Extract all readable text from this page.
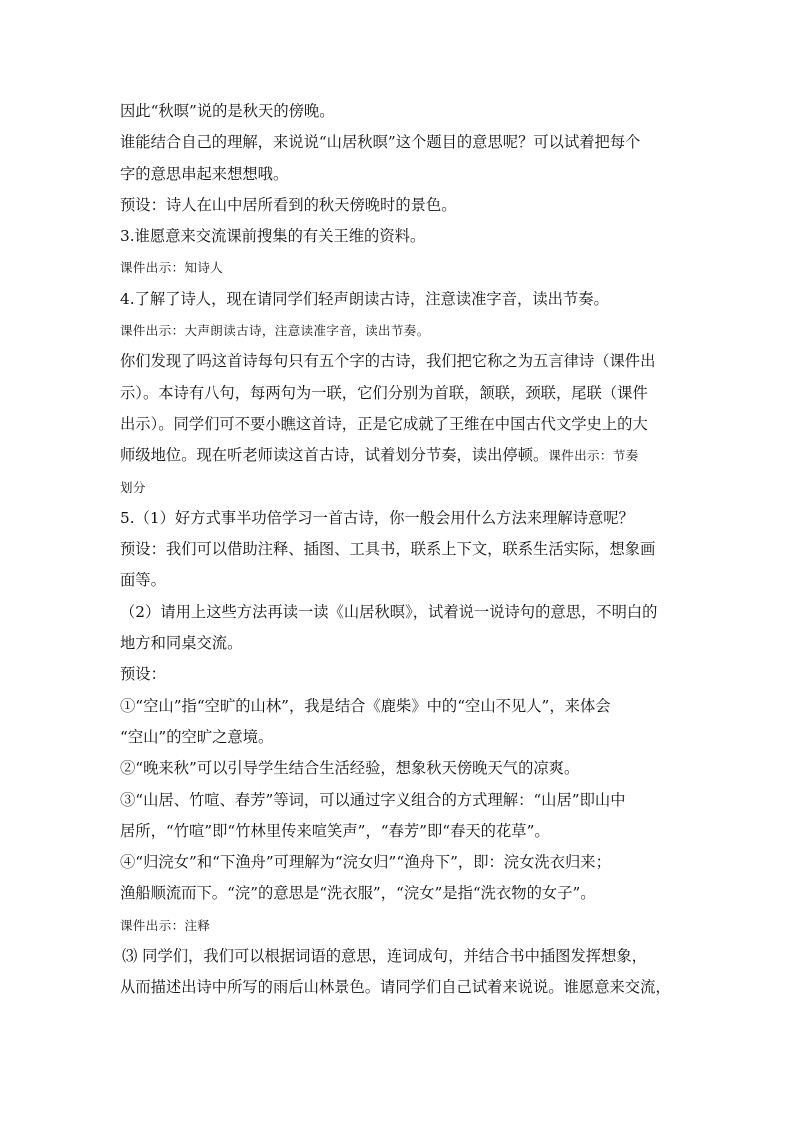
因此“秋暝”说的是秋天的傍晚。
谁能结合自己的理解，来说说“山居秋暝”这个题目的意思呢？可以试着把每个
字的意思串起来想想哦。
预设：诗人在山中居所看到的秋天傍晚时的景色。
3.谁愿意来交流课前搜集的有关王维的资料。
课件出示：知诗人
4.了解了诗人，现在请同学们轻声朗读古诗，注意读准字音，读出节奏。
课件出示：大声朗读古诗，注意读准字音，读出节奏。
你们发现了吗这首诗每句只有五个字的古诗，我们把它称之为五言律诗（课件出
示）。本诗有八句，每两句为一联，它们分别为首联，颔联，颈联，尾联（课件
出示）。同学们可不要小瞧这首诗，正是它成就了王维在中国古代文学史上的大
师级地位。现在听老师读这首古诗，试着划分节奏，读出停顿。课件出示：节奏
划分
5.（1）好方式事半功倍学习一首古诗，你一般会用什么方法来理解诗意呢？
预设：我们可以借助注释、插图、工具书，联系上下文，联系生活实际，想象画
面等。
（2）请用上这些方法再读一读《山居秋暝》，试着说一说诗句的意思，不明白的
地方和同桌交流。
预设：
①“空山”指“空旷的山林”，我是结合《鹿柴》中的“空山不见人”，来体会
“空山”的空旷之意境。
②“晚来秋”可以引导学生结合生活经验，想象秋天傍晚天气的凉爽。
③“山居、竹喧、春芳”等词，可以通过字义组合的方式理解：“山居”即山中
居所，“竹喧”即“竹林里传来喧笑声”，“春芳”即“春天的花草”。
④“归浣女”和“下渔舟”可理解为“浣女归”“渔舟下”，即：浣女洗衣归来；
渔船顺流而下。“浣”的意思是“洗衣服”，“浣女”是指“洗衣物的女子”。
课件出示：注释
⑶ 同学们，我们可以根据词语的意思，连词成句，并结合书中插图发挥想象，
从而描述出诗中所写的雨后山林景色。请同学们自己试着来说说。谁愿意来交流，
